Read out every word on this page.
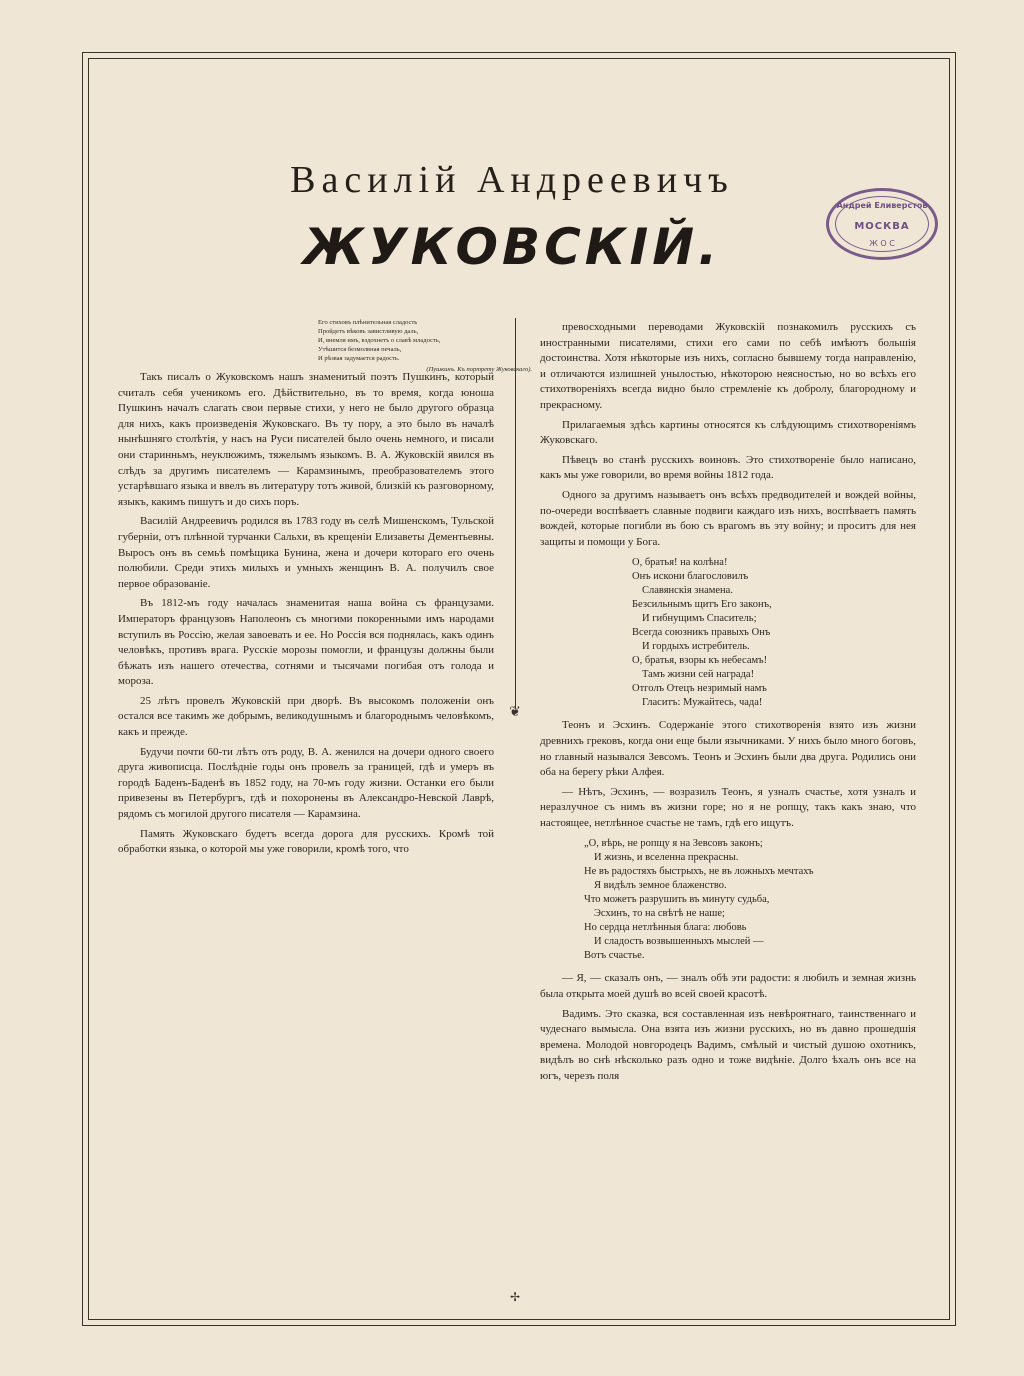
Василій Андреевичъ
ЖУКОВСКІЙ.
Андрей Еливерстов
МОСКВА
Ж О С
Его стиховъ плѣнительная сладость
Пройдетъ вѣковъ завистливую даль,
И, внемля имъ, вздохнетъ о славѣ младость,
Утѣшится безмолвная печаль,
И рѣзвая задумается радость.
(Пушкинъ. Къ портрету Жуковскаго).
❦
✢

Такъ писалъ о Жуковскомъ нашъ знаменитый поэтъ Пушкинъ, который считалъ себя ученикомъ его. Дѣйствительно, въ то время, когда юноша Пушкинъ началъ слагать свои первые стихи, у него не было другого образца для нихъ, какъ произведенія Жуковскаго. Въ ту пору, а это было въ началѣ нынѣшняго столѣтія, у насъ на Руси писателей было очень немного, и писали они старинньмъ, неуклюжимъ, тяжелымъ языкомъ. В. А. Жуковскій явился въ слѣдъ за другимъ писателемъ — Карамзинымъ, преобразователемъ этого устарѣвшаго языка и ввелъ въ литературу тотъ живой, близкій къ разговорному, языкъ, какимъ пишутъ и до сихъ поръ.

Василій Андреевичъ родился въ 1783 году въ селѣ Мишенскомъ, Тульской губерніи, отъ плѣнной турчанки Сальхи, въ крещеніи Елизаветы Дементьевны. Выросъ онъ въ семьѣ помѣщика Бунина, жена и дочери котораго его очень полюбили. Среди этихъ милыхъ и умныхъ женщинъ В. А. получилъ свое первое образованіе.

Въ 1812-мъ году началась знаменитая наша война съ французами. Императоръ французовъ Наполеонъ съ многими покоренными имъ народами вступилъ въ Россію, желая завоевать и ее. Но Россія вся поднялась, какъ одинъ человѣкъ, противъ врага. Русскіе морозы помогли, и французы должны были бѣжать изъ нашего отечества, сотнями и тысячами погибая отъ голода и мороза.

25 лѣтъ провелъ Жуковскій при дворѣ. Въ высокомъ положеніи онъ остался все такимъ же добрымъ, великодушнымъ и благороднымъ человѣкомъ, какъ и прежде.

Будучи почти 60-ти лѣтъ отъ роду, В. А. женился на дочери одного своего друга живописца. Послѣдніе годы онъ провелъ за границей, гдѣ и умеръ въ городѣ Баденъ-Баденѣ въ 1852 году, на 70-мъ году жизни. Останки его были привезены въ Петербургъ, гдѣ и похоронены въ Александро-Невской Лаврѣ, рядомъ съ могилой другого писателя — Карамзина.

Память Жуковскаго будетъ всегда дорога для русскихъ. Кромѣ той обработки языка, о которой мы уже говорили, кромѣ того, что

превосходными переводами Жуковскій познакомилъ русскихъ съ иностранными писателями, стихи его сами по себѣ имѣютъ большія достоинства. Хотя нѣкоторые изъ нихъ, согласно бывшему тогда направленію, и отличаются излишней унылостью, нѣкоторою неясностью, но во всѣхъ его стихотвореніяхъ всегда видно было стремленіе къ добролу, благородному и прекрасному.

Прилагаемыя здѣсь картины относятся къ слѣдующимъ стихотвореніямъ Жуковскаго.

Пѣвецъ во станѣ русскихъ воиновъ. Это стихотвореніе было написано, какъ мы уже говорили, во время войны 1812 года.

Одного за другимъ называетъ онъ всѣхъ предводителей и вождей войны, по-очереди воспѣваетъ славные подвиги каждаго изъ нихъ, воспѣваетъ память вождей, которые погибли въ бою съ врагомъ въ эту войну; и проситъ для нея защиты и помощи у Бога.

О, братья! на колѣна!
Онъ искони благословилъ
Славянскія знамена.
Безсильнымъ щитъ Его законъ,
И гибнущимъ Спаситель;
Всегда союзникъ правыхъ Онъ
И гордыхъ истребитель.
О, братья, взоры къ небесамъ!
Тамъ жизни сей награда!
Отголъ Отецъ незримый намъ
Гласитъ: Мужайтесь, чада!

Теонъ и Эсхинъ. Содержаніе этого стихотворенія взято изъ жизни древнихъ грековъ, когда они еще были язычниками. У нихъ было много боговъ, но главный назывался Зевсомъ. Теонъ и Эсхинъ были два друга. Родились они оба на берегу рѣки Алфея.

— Нѣтъ, Эсхинъ, — возразилъ Теонъ, я узналъ счастье, хотя узналъ и неразлучное съ нимъ въ жизни горе; но я не ропщу, такъ какъ знаю, что настоящее, нетлѣнное счастье не тамъ, гдѣ его ищутъ.

„О, вѣрь, не ропщу я на Зевсовъ законъ;
И жизнь, и вселенна прекрасны.
Не въ радостяхъ быстрыхъ, не въ ложныхъ мечтахъ
Я видѣлъ земное блаженство.
Что можетъ разрушить въ минуту судьба,
Эсхинъ, то на свѣтѣ не наше;
Но сердца нетлѣнныя блага: любовь
И сладость возвышенныхъ мыслей —
Вотъ счастье.

— Я, — сказалъ онъ, — зналъ обѣ эти радости: я любилъ и земная жизнь была открыта моей душѣ во всей своей красотѣ.

Вадимъ. Это сказка, вся составленная изъ невѣроятнаго, таинственнаго и чудеснаго вымысла. Она взята изъ жизни русскихъ, но въ давно прошедшія времена. Молодой новгородецъ Вадимъ, смѣлый и чистый душою охотникъ, видѣлъ во снѣ нѣсколько разъ одно и тоже видѣніе. Долго ѣхалъ онъ все на югъ, черезъ поля
